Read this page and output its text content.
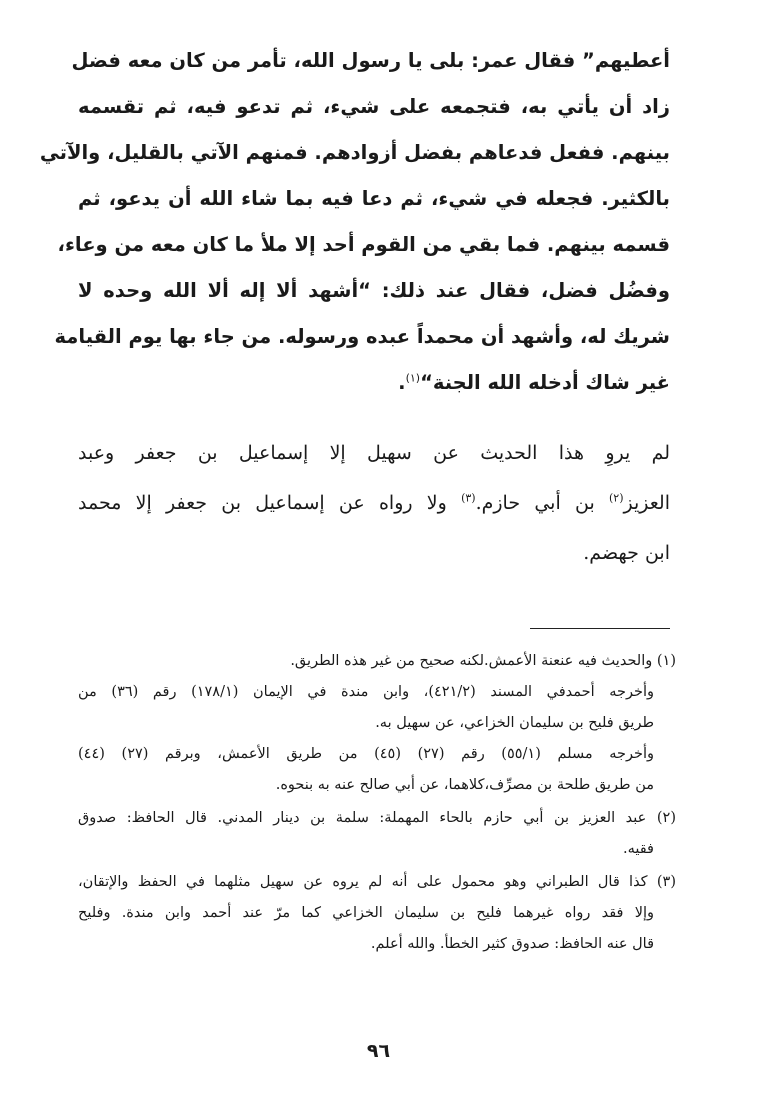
أعطيهم” فقال عمر: بلى يا رسول الله، تأمر من كان معه فضل
زاد أن يأتي به، فتجمعه على شيء، ثم تدعو فيه، ثم تقسمه
بينهم. ففعل فدعاهم بفضل أزوادهم. فمنهم الآتي بالقليل، والآتي
بالكثير. فجعله في شيء، ثم دعا فيه بما شاء الله أن يدعو، ثم
قسمه بينهم. فما بقي من القوم أحد إلا ملأ ما كان معه من وعاء،
وفضُل فضل، فقال عند ذلك: “أشهد ألا إله ألا الله وحده لا
شريك له، وأشهد أن محمداً عبده ورسوله. من جاء بها يوم القيامة
غير شاك أدخله الله الجنة“$^{(١)}$.
لم يروِ هذا الحديث عن سهيل إلا إسماعيل بن جعفر وعبد
العزيز$^{(٢)}$ بن أبي حازم.$^{(٣)}$ ولا رواه عن إسماعيل بن جعفر إلا محمد
ابن جهضم.
(١) والحديث فيه عنعنة الأعمش.لكنه صحيح من غير هذه الطريق.
وأخرجه أحمدفي المسند (٤٢١/٢)، وابن مندة في الإيمان (١٧٨/١) رقم (٣٦) من
طريق فليح بن سليمان الخزاعي، عن سهيل به.
وأخرجه مسلم (٥٥/١) رقم (٢٧) (٤٥) من طريق الأعمش، وبرقم (٢٧) (٤٤)
من طريق طلحة بن مصرِّف،كلاهما، عن أبي صالح عنه به بنحوه.
(٢) عبد العزيز بن أبي حازم بالحاء المهملة: سلمة بن دينار المدني. قال الحافظ: صدوق
فقيه.
(٣) كذا قال الطبراني وهو محمول على أنه لم يروه عن سهيل مثلهما في الحفظ والإتقان،
وإلا فقد رواه غيرهما فليح بن سليمان الخزاعي كما مرّ عند أحمد وابن مندة. وفليح
قال عنه الحافظ: صدوق كثير الخطأ. والله أعلم.
٩٦
